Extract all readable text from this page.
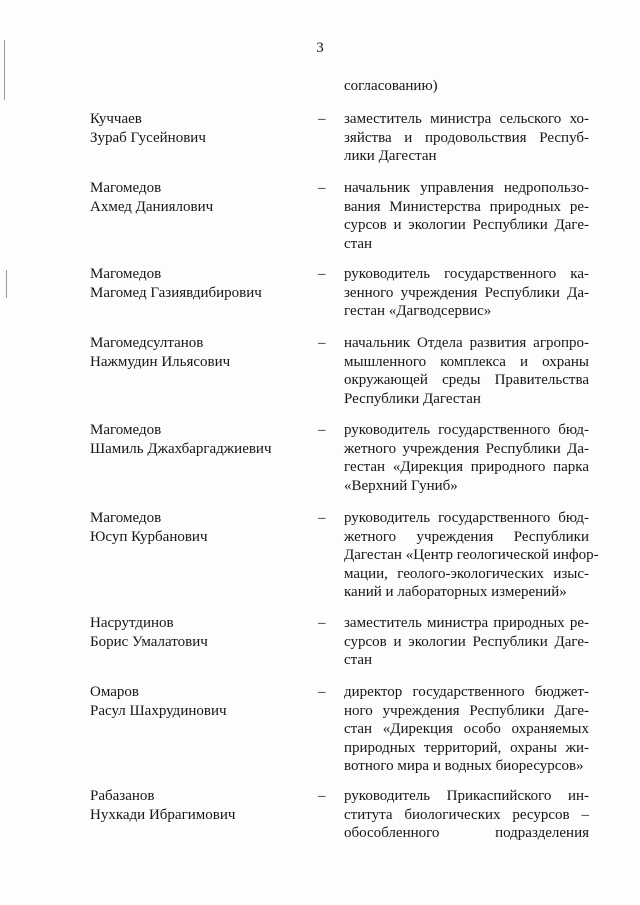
3
согласованию)
Куччаев
Зураб Гусейнович
– заместитель министра сельского хо-
зяйства и продовольствия Респуб-
лики Дагестан
Магомедов
Ахмед Даниялович
– начальник управления недропользо-
вания Министерства природных ре-
сурсов и экологии Республики Даге-
стан
Магомедов
Магомед Газиявдибирович
– руководитель государственного ка-
зенного учреждения Республики Да-
гестан «Дагводсервис»
Магомедсултанов
Нажмудин Ильясович
– начальник Отдела развития агропро-
мышленного комплекса и охраны
окружающей среды Правительства
Республики Дагестан
Магомедов
Шамиль Джахбаргаджиевич
– руководитель государственного бюд-
жетного учреждения Республики Да-
гестан «Дирекция природного парка
«Верхний Гуниб»
Магомедов
Юсуп Курбанович
– руководитель государственного бюд-
жетного учреждения Республики
Дагестан «Центр геологической инфор-
мации, геолого-экологических изыс-
каний и лабораторных измерений»
Насрутдинов
Борис Умалатович
– заместитель министра природных ре-
сурсов и экологии Республики Даге-
стан
Омаров
Расул Шахрудинович
– директор государственного бюджет-
ного учреждения Республики Даге-
стан «Дирекция особо охраняемых
природных территорий, охраны жи-
вотного мира и водных биоресурсов»
Рабазанов
Нухкади Ибрагимович
– руководитель Прикаспийского ин-
ститута биологических ресурсов –
обособленного подразделения
